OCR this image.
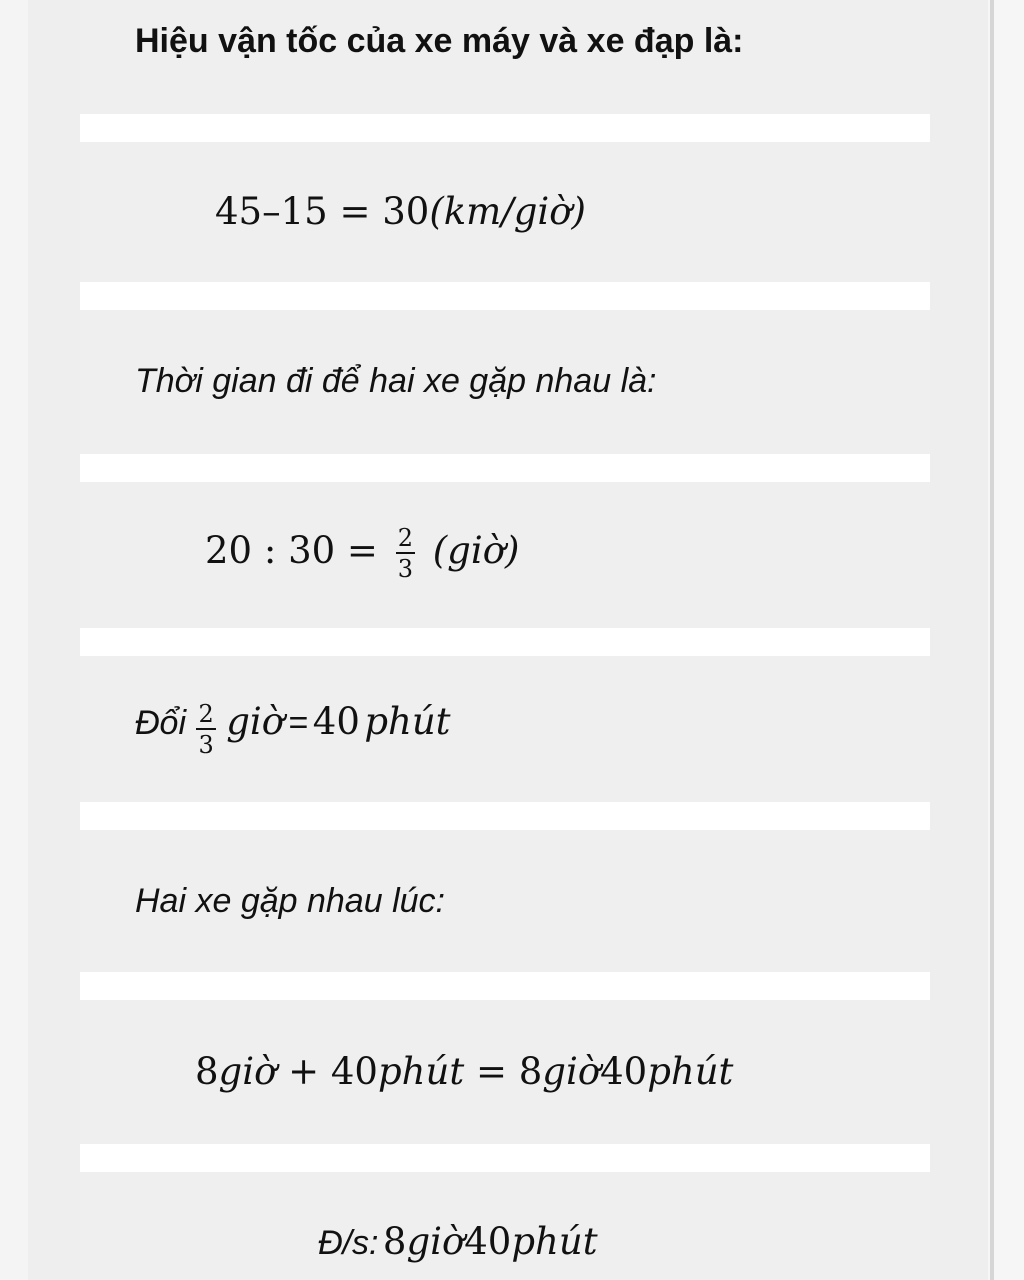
Hiệu vận tốc của xe máy và xe đạp là:
45–15 = 30(km/giờ)
Thời gian đi để hai xe gặp nhau là:
20 : $30 = \frac{2}{3}$ (giờ)
Đổi $\frac{2}{3}$ giờ = 40 phút
Hai xe gặp nhau lúc:
8giờ + 40phút = 8giờ40phút
Đ/s: 8giờ40phút
